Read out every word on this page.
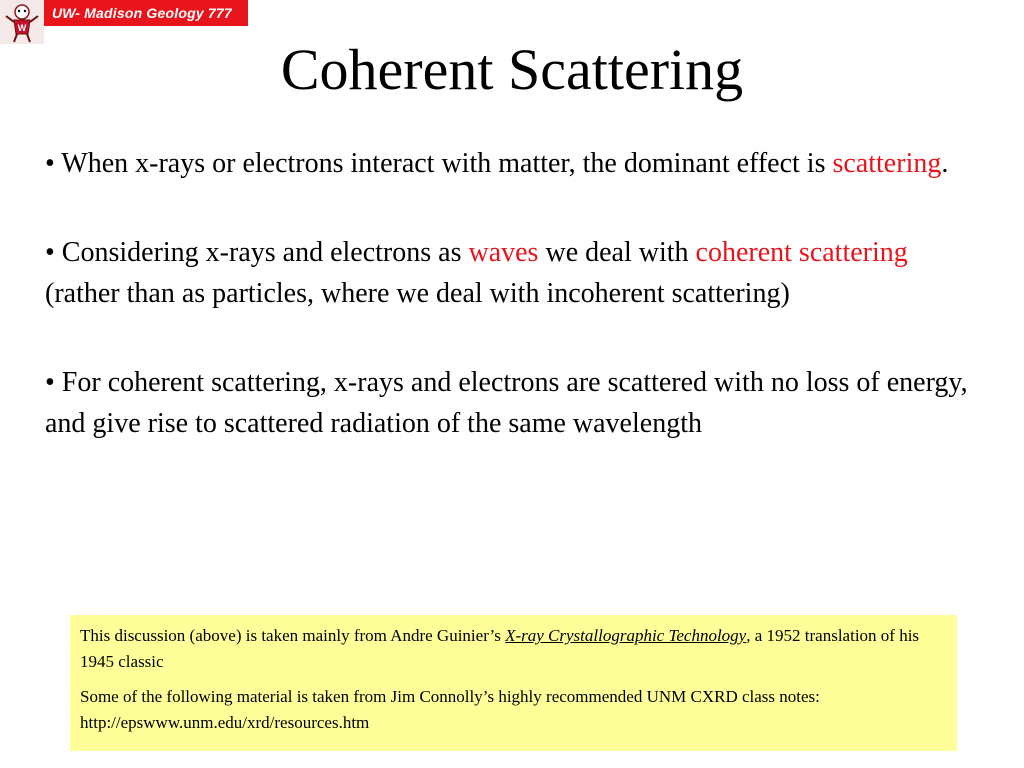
W
UW- Madison Geology 777
Coherent Scattering
• When x-rays or electrons interact with matter, the dominant effect is scattering.
• Considering x-rays and electrons as waves we deal with coherent scattering (rather than as particles, where we deal with incoherent scattering)
• For coherent scattering, x-rays and electrons are scattered with no loss of energy, and give rise to scattered radiation of the same wavelength

This discussion (above) is taken mainly from Andre Guinier’s X-ray Crystallographic Technology, a 1952 translation of his 1945 classic

Some of the following material is taken from Jim Connolly’s highly recommended UNM CXRD class notes: http://epswww.unm.edu/xrd/resources.htm
